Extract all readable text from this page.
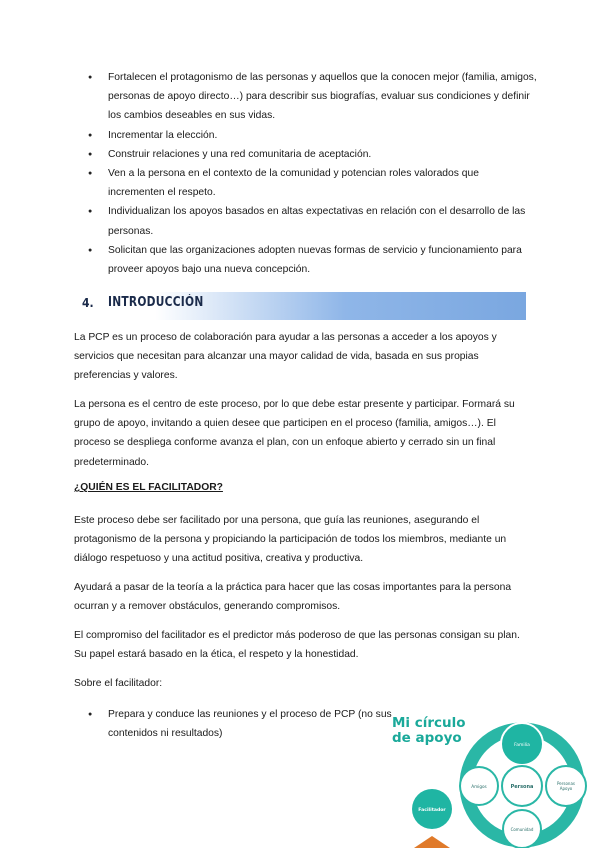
● Fortalecen el protagonismo de las personas y aquellos que la conocen mejor (familia, amigos, personas de apoyo directo…) para describir sus biografías, evaluar sus condiciones y definir los cambios deseables en sus vidas.
● Incrementar la elección.
● Construir relaciones y una red comunitaria de aceptación.
● Ven a la persona en el contexto de la comunidad y potencian roles valorados que incrementen el respeto.
● Individualizan los apoyos basados en altas expectativas en relación con el desarrollo de las personas.
● Solicitan que las organizaciones adopten nuevas formas de servicio y funcionamiento para proveer apoyos bajo una nueva concepción.
4. INTRODUCCIÓN

La PCP es un proceso de colaboración para ayudar a las personas a acceder a los apoyos y servicios que necesitan para alcanzar una mayor calidad de vida, basada en sus propias preferencias y valores.

La persona es el centro de este proceso, por lo que debe estar presente y participar. Formará su grupo de apoyo, invitando a quien desee que participen en el proceso (familia, amigos…). El proceso se despliega conforme avanza el plan, con un enfoque abierto y cerrado sin un final predeterminado.

¿QUIÉN ES EL FACILITADOR?

Este proceso debe ser facilitado por una persona, que guía las reuniones, asegurando el protagonismo de la persona y propiciando la participación de todos los miembros, mediante un diálogo respetuoso y una actitud positiva, creativa y productiva.

Ayudará a pasar de la teoría a la práctica para hacer que las cosas importantes para la persona ocurran y a remover obstáculos, generando compromisos.

El compromiso del facilitador es el predictor más poderoso de que las personas consigan su plan. Su papel estará basado en la ética, el respeto y la honestidad.

Sobre el facilitador:

● Prepara y conduce las reuniones y el proceso de PCP (no sus contenidos ni resultados)
Familia
Amigos
Personas
Apoyo
Persona
Comunidad
Facilitador
Mi círculo
de apoyo
